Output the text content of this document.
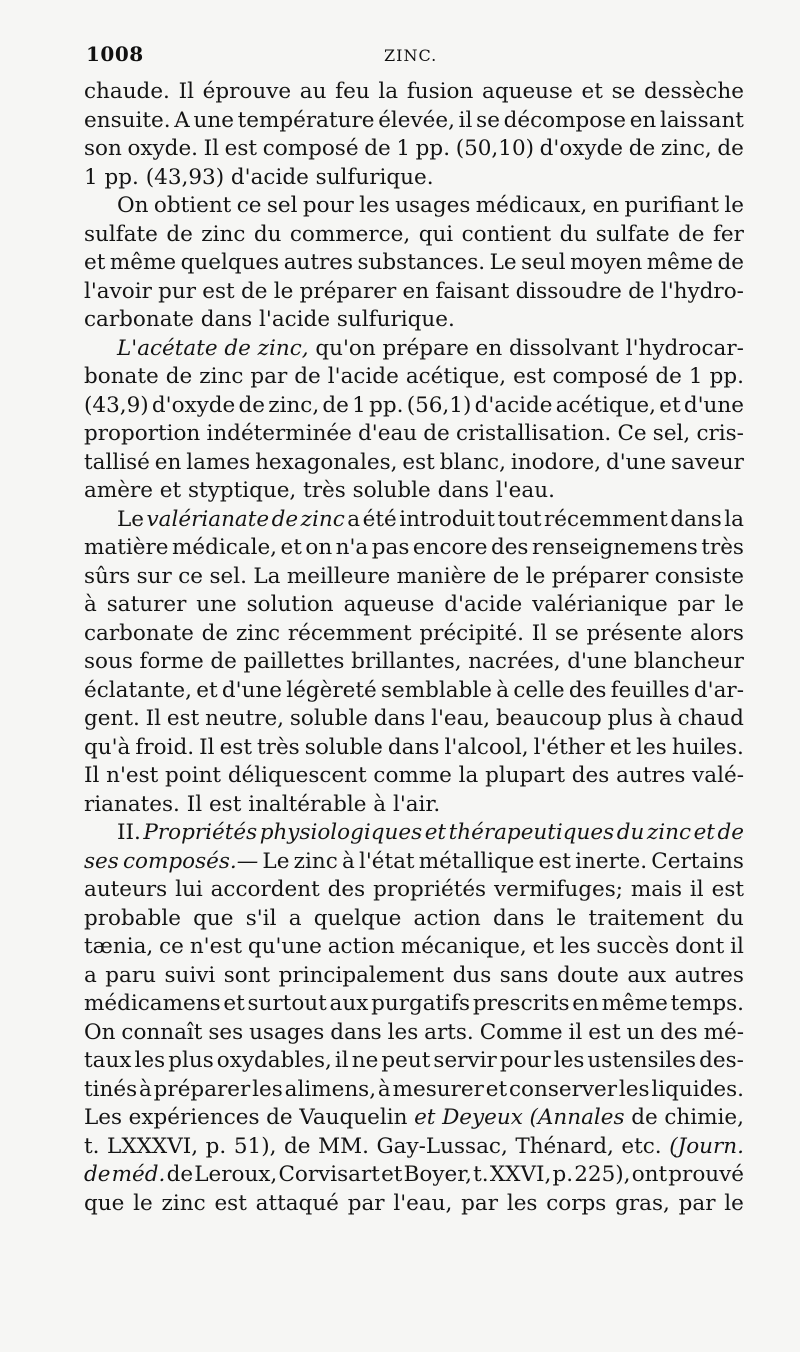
1008	ZINC.
chaude. Il éprouve au feu la fusion aqueuse et se dessèche
ensuite. A une température élevée, il se décompose en laissant
son oxyde. Il est composé de 1 pp. (50,10) d'oxyde de zinc, de
1
pp.
(43,93)
d'acide
sulfurique.
On obtient ce sel pour les usages médicaux, en purifiant le
sulfate de zinc du commerce, qui contient du sulfate de fer
et même quelques autres substances. Le seul moyen même de
l'avoir pur est de le préparer en faisant dissoudre de l'hydro-
carbonate
dans
l'acide
sulfurique.
L'acétate de zinc, qu'on prépare en dissolvant l'hydrocar-
bonate de zinc par de l'acide acétique, est composé de 1 pp.
(43,9) d'oxyde de zinc, de 1 pp. (56,1) d'acide acétique, et d'une
proportion indéterminée d'eau de cristallisation. Ce sel, cris-
tallisé en lames hexagonales, est blanc, inodore, d'une saveur
amère
et
styptique,
très
soluble
dans
l'eau.
Le valérianate de zinc a été introduit tout récemment dans la
matière médicale, et on n'a pas encore des renseignemens très
sûrs sur ce sel. La meilleure manière de le préparer consiste
à saturer une solution aqueuse d'acide valérianique par le
carbonate de zinc récemment précipité. Il se présente alors
sous forme de paillettes brillantes, nacrées, d'une blancheur
éclatante, et d'une légèreté semblable à celle des feuilles d'ar-
gent. Il est neutre, soluble dans l'eau, beaucoup plus à chaud
qu'à froid. Il est très soluble dans l'alcool, l'éther et les huiles.
Il n'est point déliquescent comme la plupart des autres valé-
rianates.
Il
est
inaltérable
à
l'air.
II. Propriétés physiologiques et thérapeutiques du zinc et de
ses composés.— Le zinc à l'état métallique est inerte. Certains
auteurs lui accordent des propriétés vermifuges; mais il est
probable que s'il a quelque action dans le traitement du
tænia, ce n'est qu'une action mécanique, et les succès dont il
a paru suivi sont principalement dus sans doute aux autres
médicamens et surtout aux purgatifs prescrits en même temps.
On connaît ses usages dans les arts. Comme il est un des mé-
taux les plus oxydables, il ne peut servir pour les ustensiles des-
tinés à préparer les alimens, à mesurer et conserver les liquides.
Les expériences de Vauquelin et Deyeux (Annales de chimie,
t. LXXXVI, p. 51), de MM. Gay-Lussac, Thénard, etc. (Journ.
de méd. de Leroux, Corvisart et Boyer, t. XXVI, p. 225), ont prouvé
que le zinc est attaqué par l'eau, par les corps gras, par le
